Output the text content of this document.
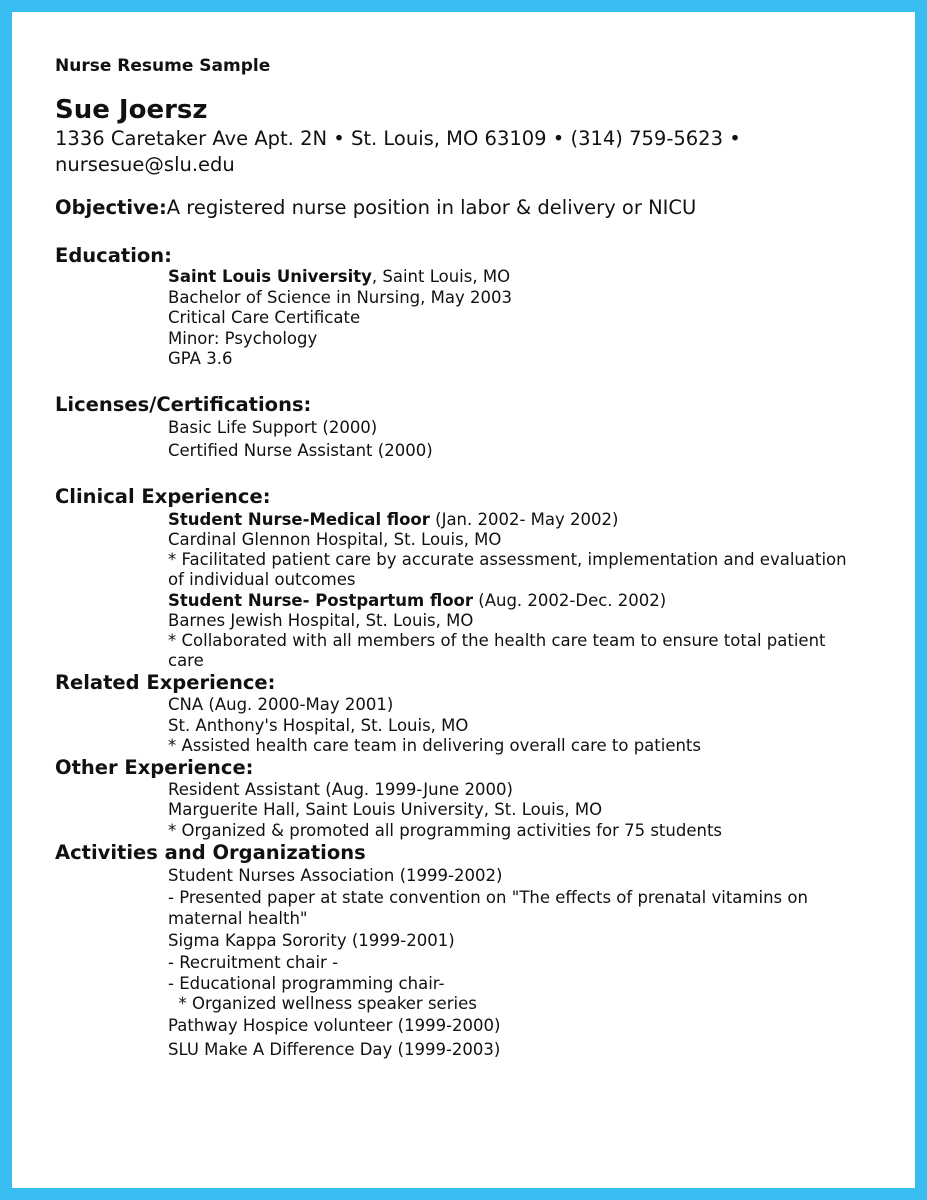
Nurse Resume Sample
Sue Joersz
1336 Caretaker Ave Apt. 2N • St. Louis, MO 63109 • (314) 759-5623 •
nursesue@slu.edu
Objective:A registered nurse position in labor & delivery or NICU
Education:
Saint Louis University, Saint Louis, MO
Bachelor of Science in Nursing, May 2003
Critical Care Certificate
Minor: Psychology
GPA 3.6
Licenses/Certifications:
Basic Life Support (2000)
Certified Nurse Assistant (2000)
Clinical Experience:
Student Nurse-Medical floor (Jan. 2002- May 2002)
Cardinal Glennon Hospital, St. Louis, MO
* Facilitated patient care by accurate assessment, implementation and evaluation
of individual outcomes
Student Nurse- Postpartum floor (Aug. 2002-Dec. 2002)
Barnes Jewish Hospital, St. Louis, MO
* Collaborated with all members of the health care team to ensure total patient
care
Related Experience:
CNA (Aug. 2000-May 2001)
St. Anthony's Hospital, St. Louis, MO
* Assisted health care team in delivering overall care to patients
Other Experience:
Resident Assistant (Aug. 1999-June 2000)
Marguerite Hall, Saint Louis University, St. Louis, MO
* Organized & promoted all programming activities for 75 students
Activities and Organizations
Student Nurses Association (1999-2002)
- Presented paper at state convention on "The effects of prenatal vitamins on
maternal health"
Sigma Kappa Sorority (1999-2001)
- Recruitment chair -
- Educational programming chair-
* Organized wellness speaker series
Pathway Hospice volunteer (1999-2000)
SLU Make A Difference Day (1999-2003)
